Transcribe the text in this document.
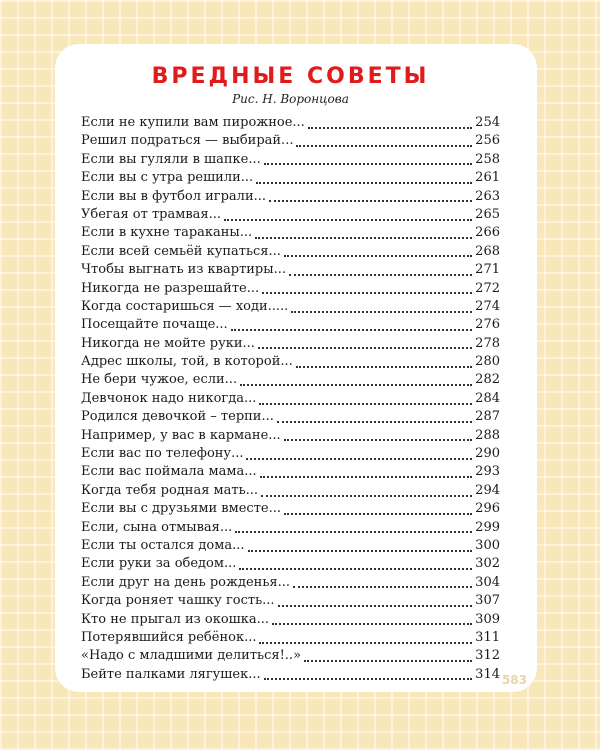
ВРЕДНЫЕ СОВЕТЫ
Рис. Н. Воронцова
Если не купили вам пирожное...	254
Решил подраться — выбирай...	256
Если вы гуляли в шапке...	258
Если вы с утра решили...	261
Если вы в футбол играли...	263
Убегая от трамвая...	265
Если в кухне тараканы...	266
Если всей семьёй купаться...	268
Чтобы выгнать из квартиры...	271
Никогда не разрешайте...	272
Когда состаришься — ходи.....	274
Посещайте почаще...	276
Никогда не мойте руки...	278
Адрес школы, той, в которой...	280
Не бери чужое, если...	282
Девчонок надо никогда...	284
Родился девочкой – терпи...	287
Например, у вас в кармане...	288
Если вас по телефону...	290
Если вас поймала мама...	293
Когда тебя родная мать...	294
Если вы с друзьями вместе...	296
Если, сына отмывая...	299
Если ты остался дома...	300
Если руки за обедом...	302
Если друг на день рожденья...	304
Когда роняет чашку гость...	307
Кто не прыгал из окошка...	309
Потерявшийся ребёнок...	311
«Надо с младшими делиться!..»	312
Бейте палками лягушек...	314 583
